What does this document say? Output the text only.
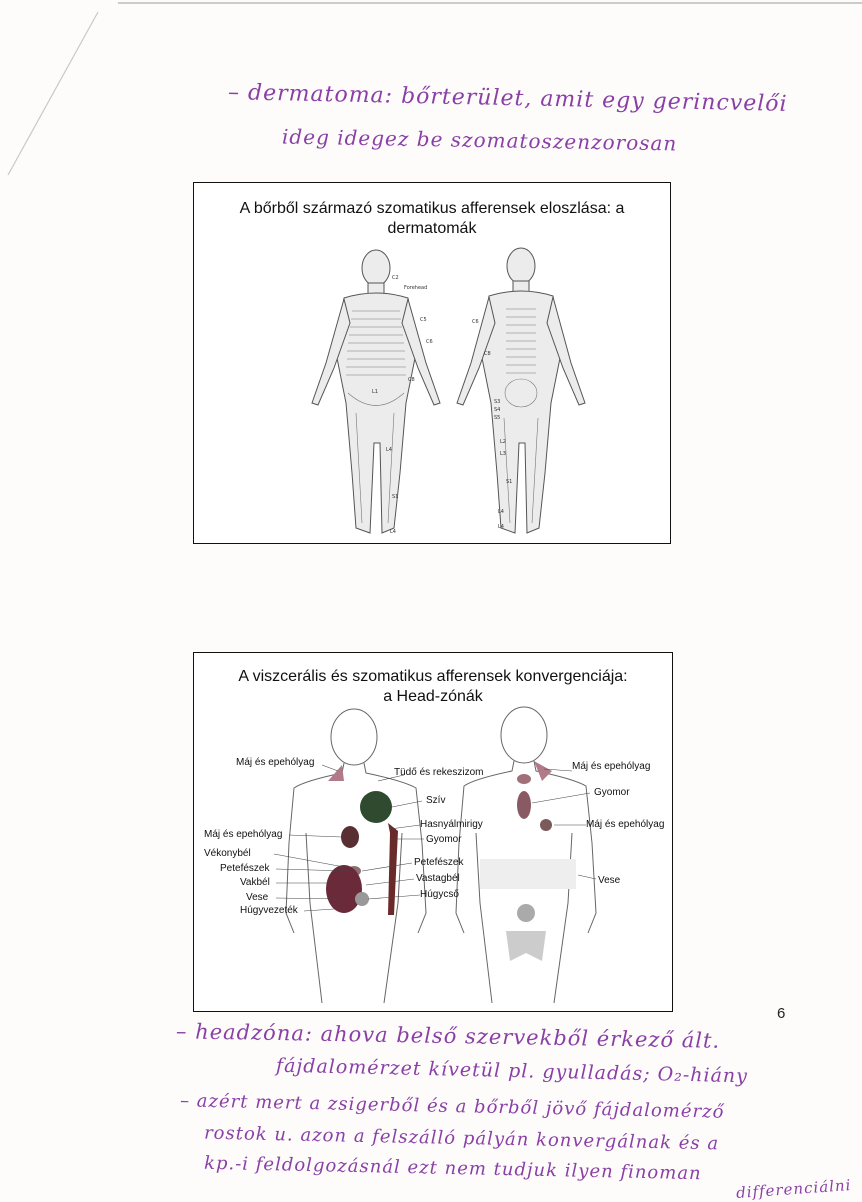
– dermatoma: bőrterület, amit egy gerincvelői
ideg idegez be szomatoszenzorosan
A bőrből származó szomatikus afferensek eloszlása: a
dermatomák
C2
Forehead
C5
C6
C8
L1
L4
S1
L4
C6
C8
S3
S4
S5
L2
L3
S1
L4
L4
A viszcerális és szomatikus afferensek konvergenciája:
a Head-zónák
Máj és epehólyag
Tüdő és rekeszizom
Szív
Hasnyálmirigy
Gyomor
Máj és epehólyag
Vékonybél
Petefészek
Vakbél
Vese
Húgyvezeték
Petefészek
Vastagbél
Húgycső
Máj és epehólyag
Gyomor
Máj és epehólyag
Vese
6
– headzóna: ahova belső szervekből érkező ált.
fájdalomérzet kívetül pl. gyulladás; O₂-hiány
– azért mert a zsigerből és a bőrből jövő fájdalomérző
rostok u. azon a felszálló pályán konvergálnak és a
kp.-i feldolgozásnál ezt nem tudjuk ilyen finoman
differenciálni
